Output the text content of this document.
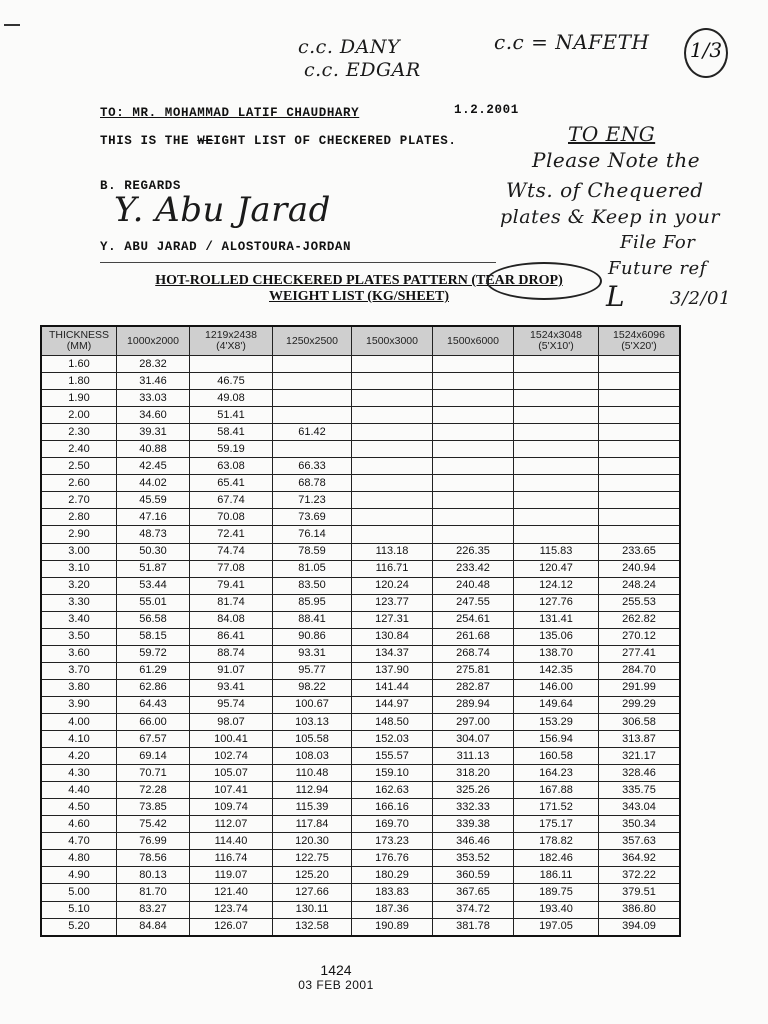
c.c. DANY
c.c. EDGAR
c.c = NAFETH 1/3
TO: MR. MOHAMMAD LATIF CHAUDHARY	1.2.2001
THIS IS THE WEIGHT LIST OF CHECKERED PLATES.
B. REGARDS
TO ENG
Please Note the
Wts. of Chequered
plates & Keep in your
File For
Future ref
L 3/2/01
Y. Abu Jarad
Y. ABU JARAD / ALOSTOURA-JORDAN
HOT-ROLLED CHECKERED PLATES PATTERN (TEAR DROP)
WEIGHT LIST (KG/SHEET)
THICKNESS (MM)	1000x2000	1219x2438 (4'X8')	1250x2500	1500x3000	1500x6000	1524x3048 (5'X10')	1524x6096 (5'X20')
1.60	28.32						
1.80	31.46	46.75					
1.90	33.03	49.08					
2.00	34.60	51.41					
2.30	39.31	58.41	61.42				
2.40	40.88	59.19					
2.50	42.45	63.08	66.33				
2.60	44.02	65.41	68.78				
2.70	45.59	67.74	71.23				
2.80	47.16	70.08	73.69				
2.90	48.73	72.41	76.14				
3.00	50.30	74.74	78.59	113.18	226.35	115.83	233.65
3.10	51.87	77.08	81.05	116.71	233.42	120.47	240.94
3.20	53.44	79.41	83.50	120.24	240.48	124.12	248.24
3.30	55.01	81.74	85.95	123.77	247.55	127.76	255.53
3.40	56.58	84.08	88.41	127.31	254.61	131.41	262.82
3.50	58.15	86.41	90.86	130.84	261.68	135.06	270.12
3.60	59.72	88.74	93.31	134.37	268.74	138.70	277.41
3.70	61.29	91.07	95.77	137.90	275.81	142.35	284.70
3.80	62.86	93.41	98.22	141.44	282.87	146.00	291.99
3.90	64.43	95.74	100.67	144.97	289.94	149.64	299.29
4.00	66.00	98.07	103.13	148.50	297.00	153.29	306.58
4.10	67.57	100.41	105.58	152.03	304.07	156.94	313.87
4.20	69.14	102.74	108.03	155.57	311.13	160.58	321.17
4.30	70.71	105.07	110.48	159.10	318.20	164.23	328.46
4.40	72.28	107.41	112.94	162.63	325.26	167.88	335.75
4.50	73.85	109.74	115.39	166.16	332.33	171.52	343.04
4.60	75.42	112.07	117.84	169.70	339.38	175.17	350.34
4.70	76.99	114.40	120.30	173.23	346.46	178.82	357.63
4.80	78.56	116.74	122.75	176.76	353.52	182.46	364.92
4.90	80.13	119.07	125.20	180.29	360.59	186.11	372.22
5.00	81.70	121.40	127.66	183.83	367.65	189.75	379.51
5.10	83.27	123.74	130.11	187.36	374.72	193.40	386.80
5.20	84.84	126.07	132.58	190.89	381.78	197.05	394.09
1424
03 FEB 2001
